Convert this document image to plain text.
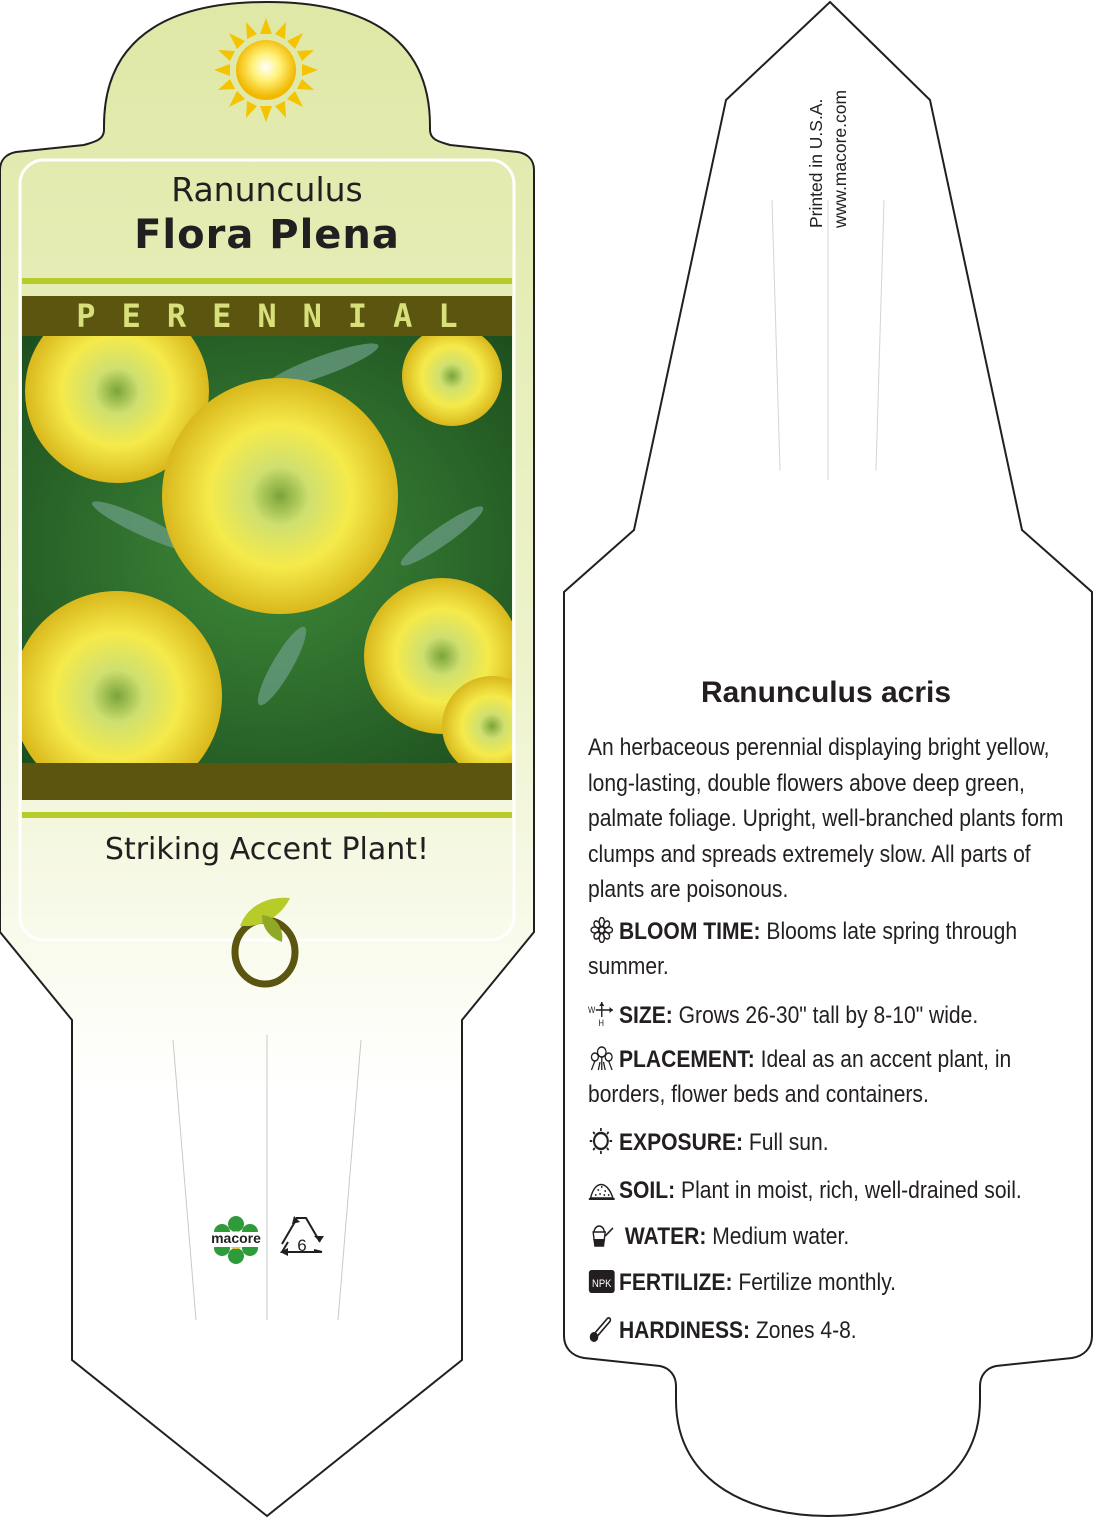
Ranunculus
Flora Plena
PERENNIAL
Striking Accent Plant!
macore	6
Printed in U.S.A. www.macore.com
Ranunculus acris
An herbaceous perennial displaying bright yellow, long-lasting, double flowers above deep green, palmate foliage. Upright, well-branched plants form clumps and spreads extremely slow. All parts of plants are poisonous.
BLOOM TIME: Blooms late spring through summer.
W
H SIZE: Grows 26-30" tall by 8-10" wide.
PLACEMENT: Ideal as an accent plant, in borders, flower beds and containers.
EXPOSURE: Full sun.
SOIL: Plant in moist, rich, well-drained soil.
WATER: Medium water.
NPK FERTILIZE: Fertilize monthly.
HARDINESS: Zones 4-8.
